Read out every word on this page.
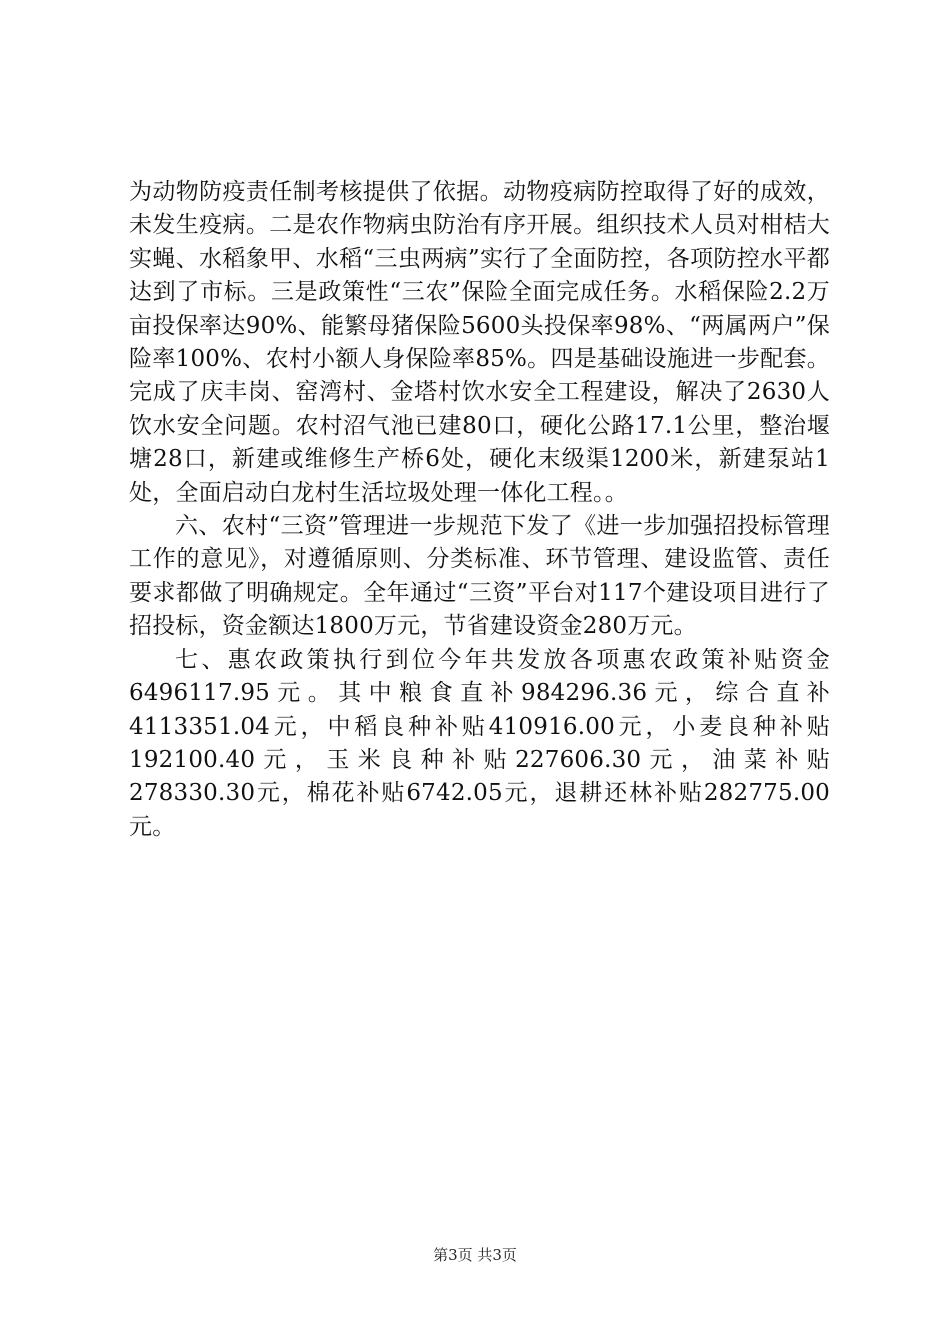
为动物防疫责任制考核提供了依据。动物疫病防控取得了好的成效，未发生疫病。二是农作物病虫防治有序开展。组织技术人员对柑桔大实蝇、水稻象甲、水稻“三虫两病”实行了全面防控，各项防控水平都达到了市标。三是政策性“三农”保险全面完成任务。水稻保险2.2万亩投保率达90%、能繁母猪保险5600头投保率98%、“两属两户”保险率100%、农村小额人身保险率85%。四是基础设施进一步配套。完成了庆丰岗、窑湾村、金塔村饮水安全工程建设，解决了2630人饮水安全问题。农村沼气池已建80口，硬化公路17.1公里，整治堰塘28口，新建或维修生产桥6处，硬化末级渠1200米，新建泵站1处，全面启动白龙村生活垃圾处理一体化工程。。

六、农村“三资”管理进一步规范下发了《进一步加强招投标管理工作的意见》，对遵循原则、分类标准、环节管理、建设监管、责任要求都做了明确规定。全年通过“三资”平台对117个建设项目进行了招投标，资金额达1800万元，节省建设资金280万元。

七、惠农政策执行到位今年共发放各项惠农政策补贴资金6496117.95元。其中粮食直补984296.36元，综合直补4113351.04元，中稻良种补贴410916.00元，小麦良种补贴192100.40元，玉米良种补贴227606.30元，油菜补贴278330.30元，棉花补贴6742.05元，退耕还林补贴282775.00元。

第3页 共3页
